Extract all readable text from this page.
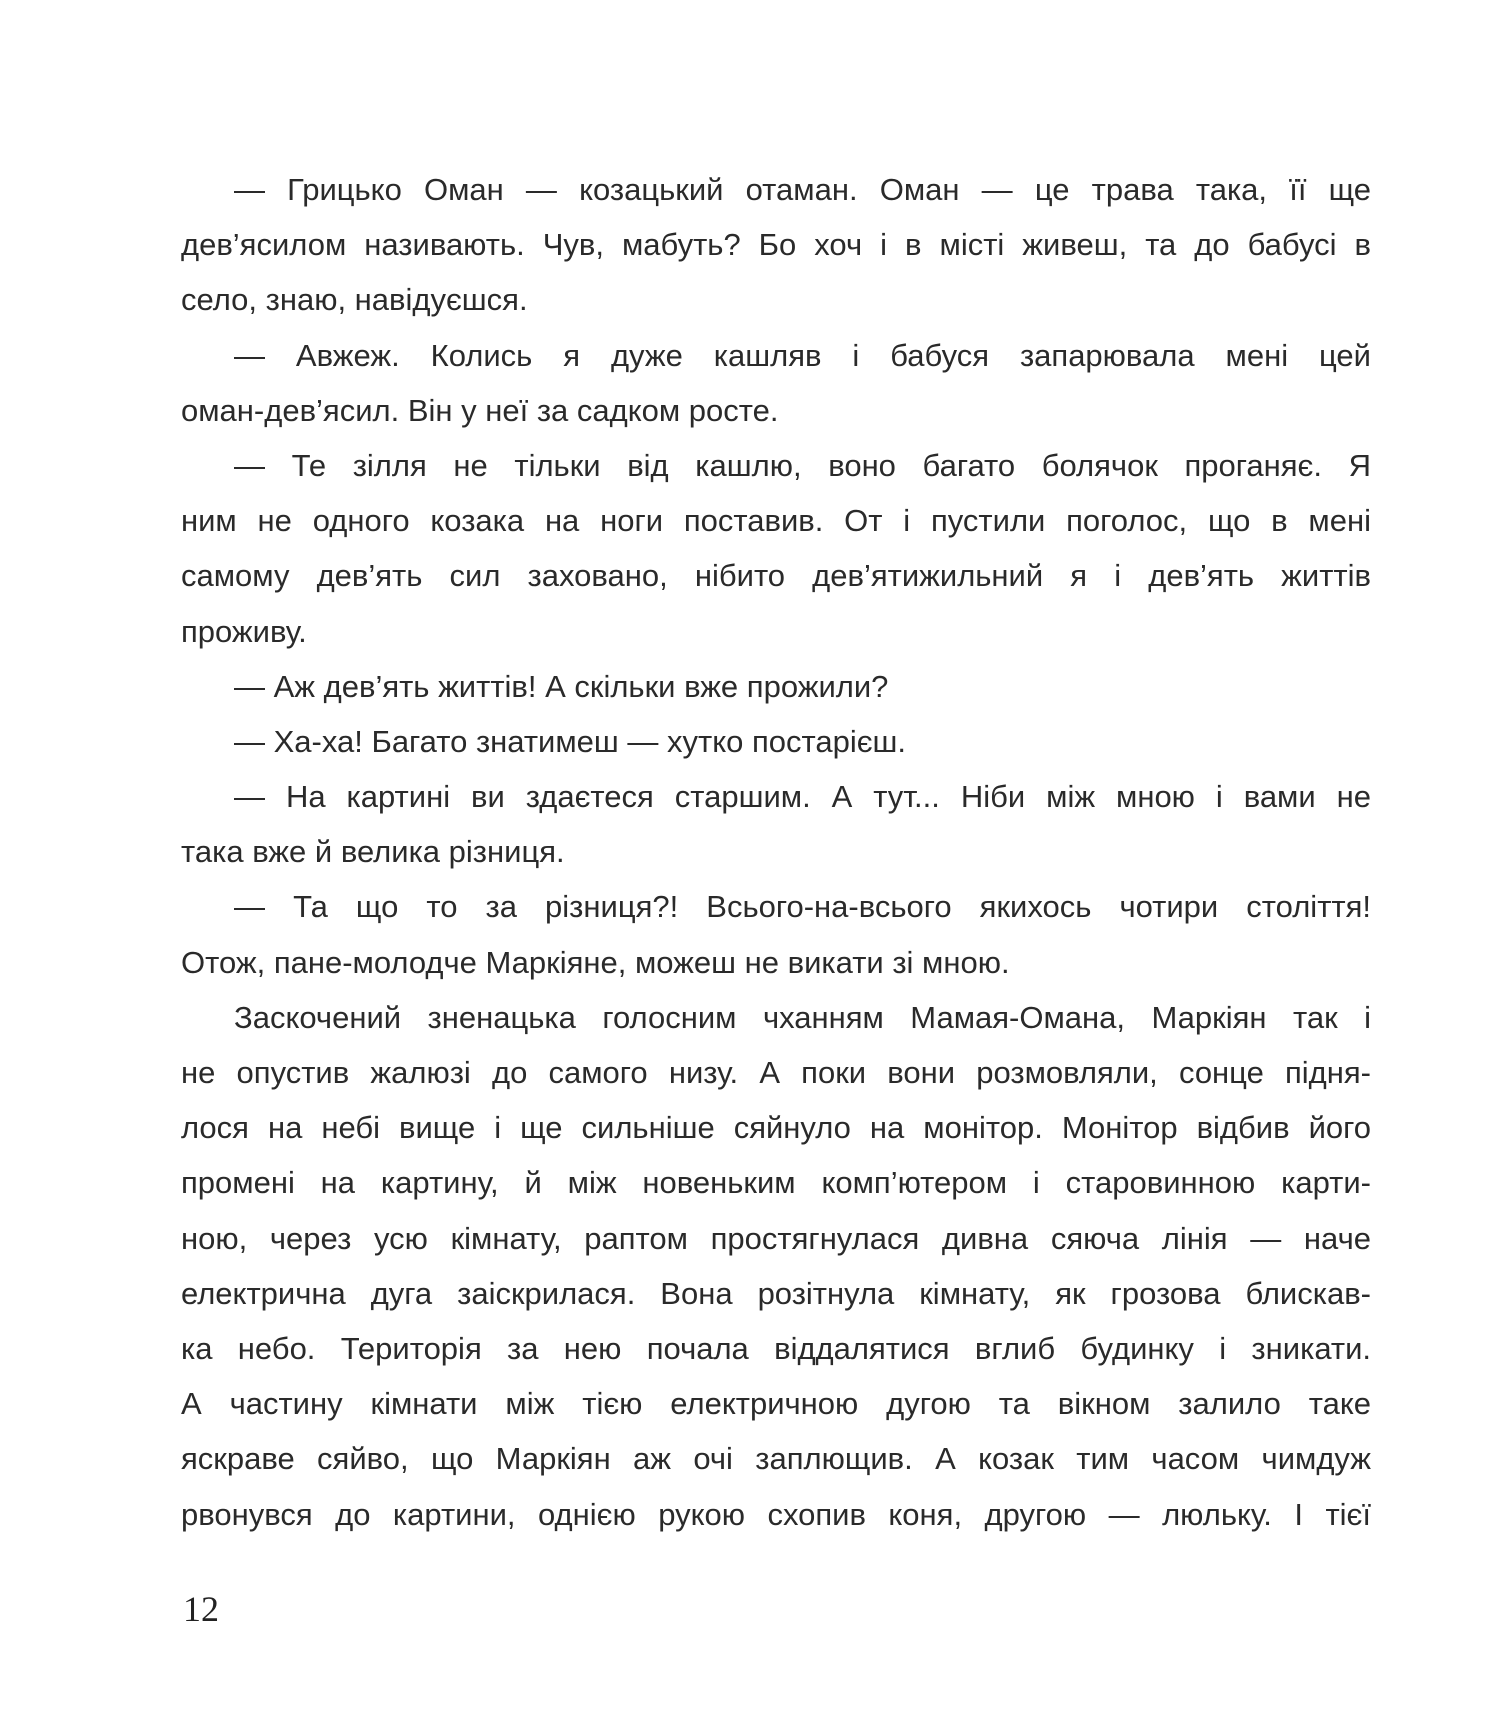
— Грицько Оман — козацький отаман. Оман — це трава така, її ще
дев’ясилом називають. Чув, мабуть? Бо хоч і в місті живеш, та до бабусі в
село, знаю, навідуєшся.
— Авжеж. Колись я дуже кашляв і бабуся запарювала мені цей
оман-дев’ясил. Він у неї за садком росте.
— Те зілля не тільки від кашлю, воно багато болячок проганяє. Я
ним не одного козака на ноги поставив. От і пустили поголос, що в мені
самому дев’ять сил заховано, нібито дев’ятижильний я і дев’ять життів
проживу.
— Аж дев’ять життів! А скільки вже прожили?
— Ха-ха! Багато знатимеш — хутко постарієш.
— На картині ви здаєтеся старшим. А тут... Ніби між мною і вами не
така вже й велика різниця.
— Та що то за різниця?! Всього-на-всього якихось чотири століття!
Отож, пане-молодче Маркіяне, можеш не викати зі мною.
Заскочений зненацька голосним чханням Мамая-Омана, Маркіян так і
не опустив жалюзі до самого низу. А поки вони розмовляли, сонце підня-
лося на небі вище і ще сильніше сяйнуло на монітор. Монітор відбив його
промені на картину, й між новеньким комп’ютером і старовинною карти-
ною, через усю кімнату, раптом простягнулася дивна сяюча лінія — наче
електрична дуга заіскрилася. Вона розітнула кімнату, як грозова блискав-
ка небо. Територія за нею почала віддалятися вглиб будинку і зникати.
А частину кімнати між тією електричною дугою та вікном залило таке
яскраве сяйво, що Маркіян аж очі заплющив. А козак тим часом чимдуж
рвонувся до картини, однією рукою схопив коня, другою — люльку. І тієї
12
